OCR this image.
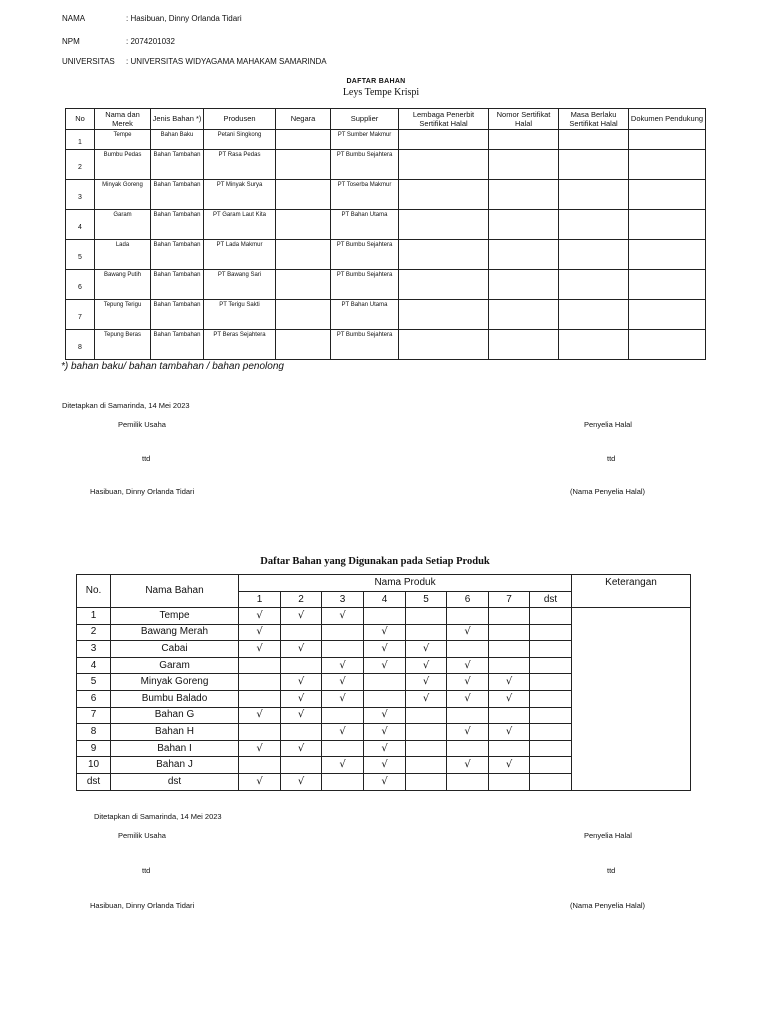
NAMA	: Hasibuan, Dinny Orlanda Tidari
NPM	: 2074201032
UNIVERSITAS : UNIVERSITAS WIDYAGAMA MAHAKAM SAMARINDA
DAFTAR BAHAN
Leys Tempe Krispi
No	Nama dan Merek	Jenis Bahan *)	Produsen	Negara	Supplier	Lembaga Penerbit Sertifikat Halal	Nomor Sertifikat Halal	Masa Berlaku Sertifikat Halal	Dokumen Pendukung
1	Tempe	Bahan Baku	Petani Singkong		PT Sumber Makmur				
2	Bumbu Pedas	Bahan Tambahan	PT Rasa Pedas		PT Bumbu Sejahtera				
3	Minyak Goreng	Bahan Tambahan	PT Minyak Surya		PT Toserba Makmur				
4	Garam	Bahan Tambahan	PT Garam Laut Kita		PT Bahan Utama				
5	Lada	Bahan Tambahan	PT Lada Makmur		PT Bumbu Sejahtera				
6	Bawang Putih	Bahan Tambahan	PT Bawang Sari		PT Bumbu Sejahtera				
7	Tepung Terigu	Bahan Tambahan	PT Terigu Sakti		PT Bahan Utama				
8	Tepung Beras	Bahan Tambahan	PT Beras Sejahtera		PT Bumbu Sejahtera				
*) bahan baku/ bahan tambahan / bahan penolong
Ditetapkan di Samarinda, 14 Mei 2023
Pemilik Usaha	Penyelia Halal
ttd	ttd
Hasibuan, Dinny Orlanda Tidari	(Nama Penyelia Halal)
Daftar Bahan yang Digunakan pada Setiap Produk
No.	Nama Bahan	Nama Produk								Keterangan
		1	2	3	4	5	6	7	dst	
1	Tempe	√	√	√						
2	Bawang Merah	√			√		√			
3	Cabai	√	√		√	√				
4	Garam			√	√	√	√			
5	Minyak Goreng		√	√		√	√	√		
6	Bumbu Balado		√	√		√	√	√		
7	Bahan G	√	√		√					
8	Bahan H			√	√		√	√		
9	Bahan I	√	√		√					
10	Bahan J			√	√		√	√		
dst	dst	√	√		√					
Ditetapkan di Samarinda, 14 Mei 2023
Pemilik Usaha	Penyelia Halal
ttd	ttd
Hasibuan, Dinny Orlanda Tidari	(Nama Penyelia Halal)
